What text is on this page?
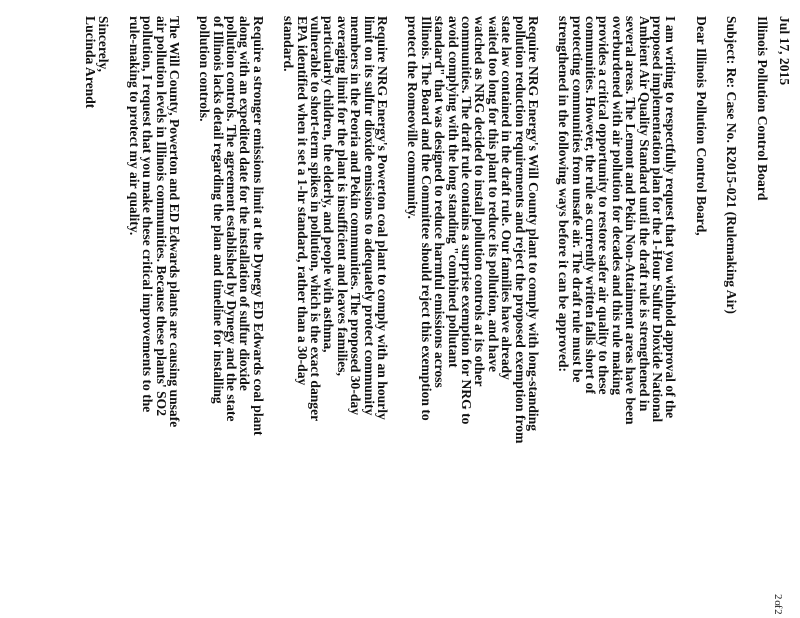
Jul 17, 2015
Illinois Pollution Control Board
Subject: Re: Case No. R2015-021 (Rulemaking Air)
Dear Illinois Pollution Control Board,
I am writing to respectfully request that you withhold approval of the
proposed implementation plan for the 1-Hour Sulfur Dioxide National
Ambient Air Quality Standard until the draft rule is strengthened in
several areas. The Lemont and Pekin Non-Attainment areas have been
overburdened with air pollution for decades and this rule making
provides a critical opportunity to restore safer air quality to these
communities. However, the rule as currently written falls short of
protecting communities from unsafe air. The draft rule must be
strengthened in the following ways before it can be approved:
Require NRG Energy's Will County plant to comply with long-standing
pollution reduction requirements and reject the proposed exemption from
state law contained in the draft rule. Our families have already
waited too long for this plant to reduce its pollution, and have
watched as NRG decided to install pollution controls at its other
communities. The draft rule contains a surprise exemption for NRG to
avoid complying with the long standing "combined pollutant
standard" that was designed to reduce harmful emissions across
Illinois. The Board and the Committee should reject this exemption to
protect the Romeoville community.
Require NRG Energy's Powerton coal plant to comply with an hourly
limit on its sulfur dioxide emissions to adequately protect community
members in the Peoria and Pekin communities. The proposed 30-day
averaging limit for the plant is insufficient and leaves families,
particularly children, the elderly, and people with asthma,
vulnerable to short-term spikes in pollution, which is the exact danger
EPA identified when it set a 1-hr standard, rather than a 30-day
standard.
Require a stronger emissions limit at the Dynegy ED Edwards coal plant
along with an expedited date for the installation of sulfur dioxide
pollution controls. The agreement established by Dynegy and the state
of Illinois lacks detail regarding the plan and timeline for installing
pollution controls.
The Will County, Powerton and ED Edwards plants are causing unsafe
air pollution levels in Illinois communities. Because these plants' SO2
pollution, I request that you make these critical improvements to the
rule-making to protect my air quality.
Sincerely,
Lucinda Arendt
2 of 2
